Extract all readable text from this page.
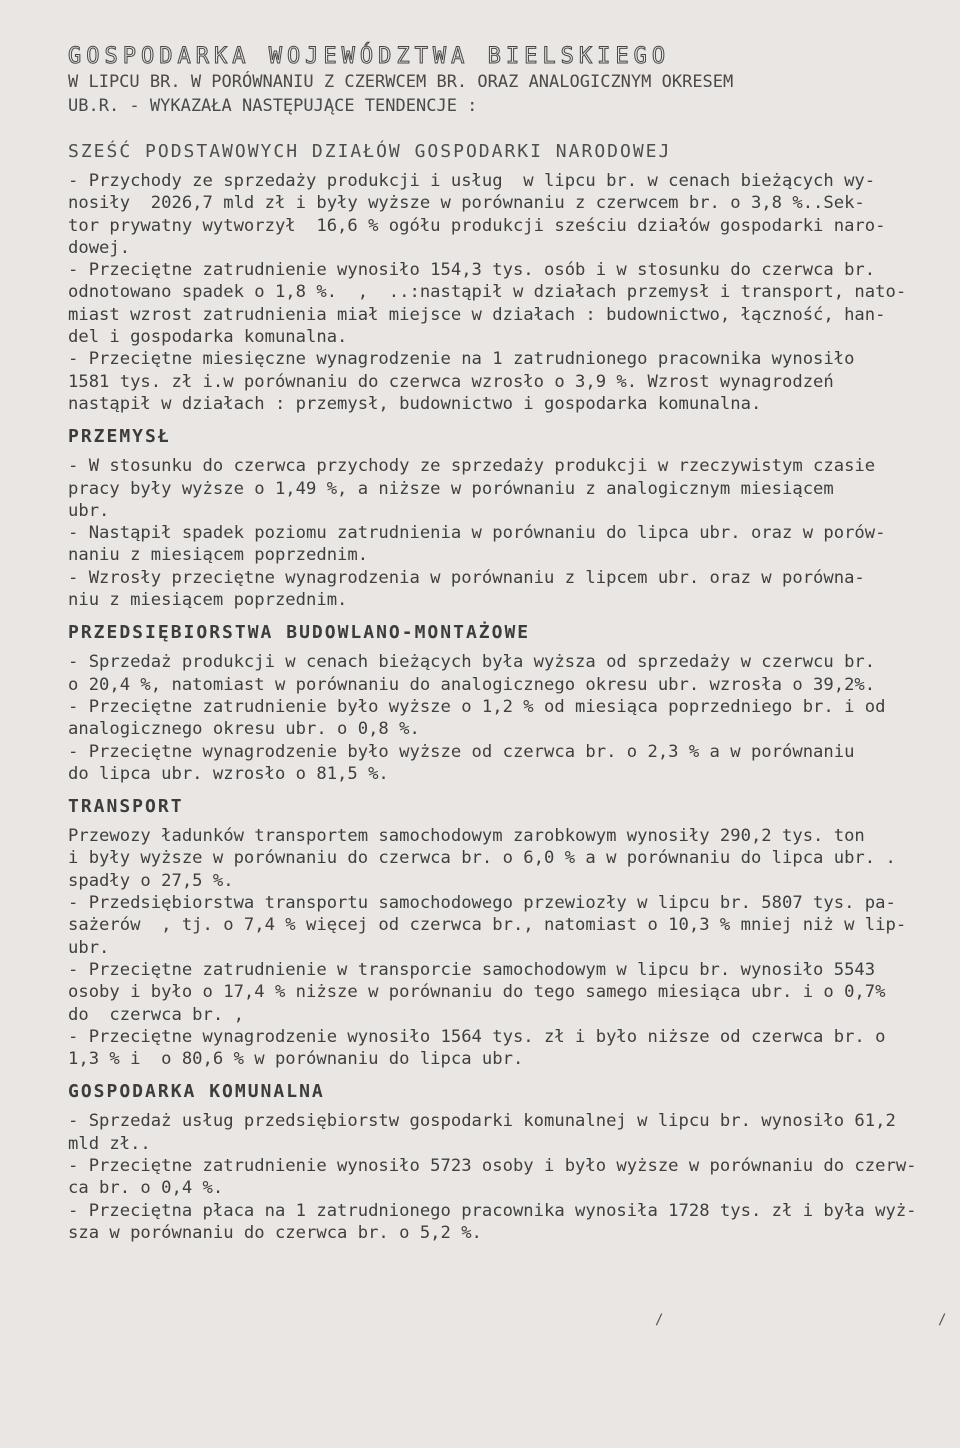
GOSPODARKA WOJEWÓDZTWA BIELSKIEGO
W LIPCU BR. W PORÓWNANIU Z CZERWCEM BR. ORAZ ANALOGICZNYM OKRESEM
UB.R. - WYKAZAŁA NASTĘPUJĄCE TENDENCJE :
SZEŚĆ PODSTAWOWYCH DZIAŁÓW GOSPODARKI NARODOWEJ

- Przychody ze sprzedaży produkcji i usług  w lipcu br. w cenach bieżących wy-
nosiły  2026,7 mld zł i były wyższe w porównaniu z czerwcem br. o 3,8 %..Sek-
tor prywatny wytworzył  16,6 % ogółu produkcji sześciu działów gospodarki naro-
dowej.
- Przeciętne zatrudnienie wynosiło 154,3 tys. osób i w stosunku do czerwca br.
odnotowano spadek o 1,8 %.  ,  ..:nastąpił w działach przemysł i transport, nato-
miast wzrost zatrudnienia miał miejsce w działach : budownictwo, łączność, han-
del i gospodarka komunalna.
- Przeciętne miesięczne wynagrodzenie na 1 zatrudnionego pracownika wynosiło
1581 tys. zł i.w porównaniu do czerwca wzrosło o 3,9 %. Wzrost wynagrodzeń
nastąpił w działach : przemysł, budownictwo i gospodarka komunalna.

PRZEMYSŁ

- W stosunku do czerwca przychody ze sprzedaży produkcji w rzeczywistym czasie
pracy były wyższe o 1,49 %, a niższe w porównaniu z analogicznym miesiącem
ubr.
- Nastąpił spadek poziomu zatrudnienia w porównaniu do lipca ubr. oraz w porów-
naniu z miesiącem poprzednim.
- Wzrosły przeciętne wynagrodzenia w porównaniu z lipcem ubr. oraz w porównа-
niu z miesiącem poprzednim.

PRZEDSIĘBIORSTWA BUDOWLANO-MONTAŻOWE

- Sprzedaż produkcji w cenach bieżących była wyższa od sprzedaży w czerwcu br.
o 20,4 %, natomiast w porównaniu do analogicznego okresu ubr. wzrosła o 39,2%.
- Przeciętne zatrudnienie było wyższe o 1,2 % od miesiąca poprzedniego br. i od
analogicznego okresu ubr. o 0,8 %.
- Przeciętne wynagrodzenie było wyższe od czerwca br. o 2,3 % a w porównaniu
do lipca ubr. wzrosło o 81,5 %.

TRANSPORT

Przewozy ładunków transportem samochodowym zarobkowym wynosiły 290,2 tys. ton
i były wyższe w porównaniu do czerwca br. o 6,0 % a w porównaniu do lipca ubr. .
spadły o 27,5 %.
- Przedsiębiorstwa transportu samochodowego przewiozły w lipcu br. 5807 tys. pa-
sażerów  , tj. o 7,4 % więcej od czerwca br., natomiast o 10,3 % mniej niż w lip-
ubr.
- Przeciętne zatrudnienie w transporcie samochodowym w lipcu br. wynosiło 5543
osoby i było o 17,4 % niższe w porównaniu do tego samego miesiąca ubr. i o 0,7%
do  czerwca br. ,
- Przeciętne wynagrodzenie wynosiło 1564 tys. zł i było niższe od czerwca br. o
1,3 % i  o 80,6 % w porównaniu do lipca ubr.

GOSPODARKA KOMUNALNA

- Sprzedaż usług przedsiębiorstw gospodarki komunalnej w lipcu br. wynosiło 61,2
mld zł..
- Przeciętne zatrudnienie wynosiło 5723 osoby i było wyższe w porównaniu do czerw-
ca br. o 0,4 %.
- Przeciętna płaca na 1 zatrudnionego pracownika wynosiła 1728 tys. zł i była wyż-
sza w porównaniu do czerwca br. o 5,2 %.

/	/
